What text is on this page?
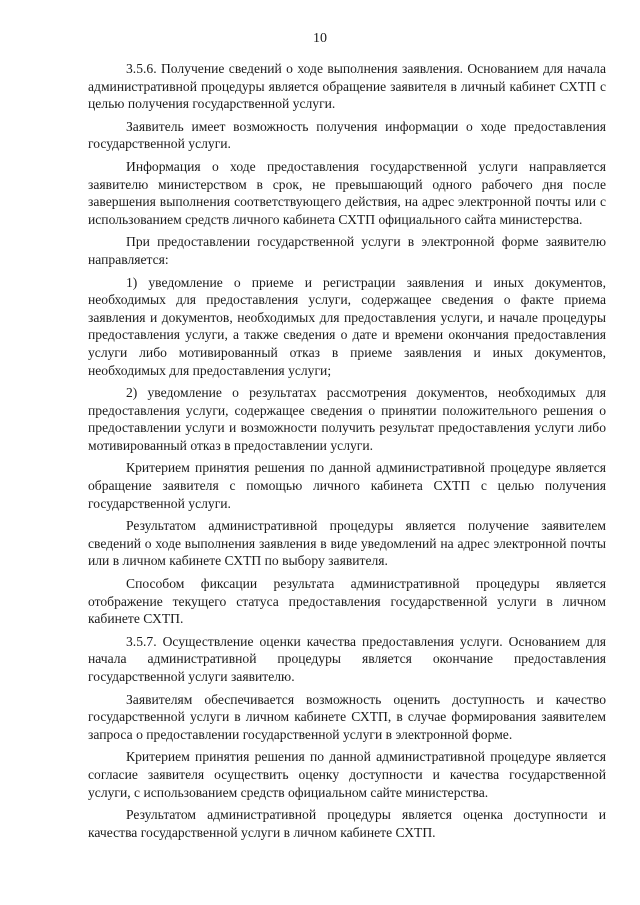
10

3.5.6. Получение сведений о ходе выполнения заявления. Основанием для начала административной процедуры является обращение заявителя в личный кабинет СХТП с целью получения государственной услуги.

Заявитель имеет возможность получения информации о ходе предоставления государственной услуги.

Информация о ходе предоставления государственной услуги направляется заявителю министерством в срок, не превышающий одного рабочего дня после завершения выполнения соответствующего действия, на адрес электронной почты или с использованием средств личного кабинета СХТП официального сайта министерства.

При предоставлении государственной услуги в электронной форме заявителю направляется:

1) уведомление о приеме и регистрации заявления и иных документов, необходимых для предоставления услуги, содержащее сведения о факте приема заявления и документов, необходимых для предоставления услуги, и начале процедуры предоставления услуги, а также сведения о дате и времени окончания предоставления услуги либо мотивированный отказ в приеме заявления и иных документов, необходимых для предоставления услуги;

2) уведомление о результатах рассмотрения документов, необходимых для предоставления услуги, содержащее сведения о принятии положительного решения о предоставлении услуги и возможности получить результат предоставления услуги либо мотивированный отказ в предоставлении услуги.

Критерием принятия решения по данной административной процедуре является обращение заявителя с помощью личного кабинета СХТП с целью получения государственной услуги.

Результатом административной процедуры является получение заявителем сведений о ходе выполнения заявления в виде уведомлений на адрес электронной почты или в личном кабинете СХТП по выбору заявителя.

Способом фиксации результата административной процедуры является отображение текущего статуса предоставления государственной услуги в личном кабинете СХТП.

3.5.7. Осуществление оценки качества предоставления услуги. Основанием для начала административной процедуры является окончание предоставления государственной услуги заявителю.

Заявителям обеспечивается возможность оценить доступность и качество государственной услуги в личном кабинете СХТП, в случае формирования заявителем запроса о предоставлении государственной услуги в электронной форме.

Критерием принятия решения по данной административной процедуре является согласие заявителя осуществить оценку доступности и качества государственной услуги, с использованием средств официальном сайте министерства.

Результатом административной процедуры является оценка доступности и качества государственной услуги в личном кабинете СХТП.
